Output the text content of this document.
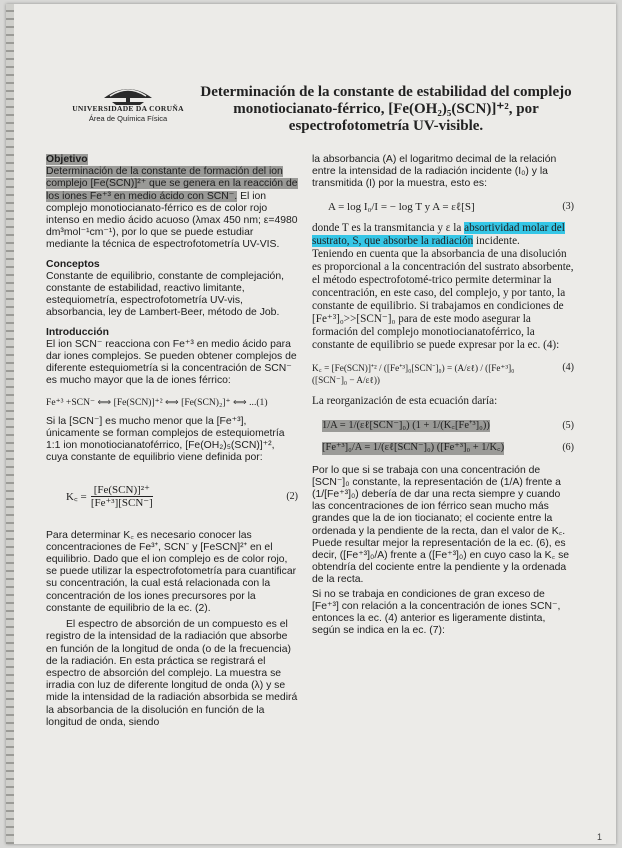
UNIVERSIDADE DA CORUÑA
Área de Química Física
Determinación de la constante de estabilidad del complejo
monotiocianato-férrico, [Fe(OH₂)₅(SCN)]⁺², por
espectrofotometría UV-visible.
Objetivo

Determinación de la constante de formación del ion complejo [Fe(SCN)]²⁺ que se genera en la reacción de los iones Fe⁺³ en medio ácido con SCN⁻. El ion complejo monotiocianato-férrico es de color rojo intenso en medio ácido acuoso (λmax 450 nm; ε=4980 dm³mol⁻¹cm⁻¹), por lo que se puede estudiar mediante la técnica de espectrofotometría UV-VIS.

Conceptos

Constante de equilibrio, constante de complejación, constante de estabilidad, reactivo limitante, estequiometría, espectrofotometría UV-vis, absorbancia, ley de Lambert-Beer, método de Job.

Introducción

El ion SCN⁻ reacciona con Fe⁺³ en medio ácido para dar iones complejos. Se pueden obtener complejos de diferente estequiometría si la concentración de SCN⁻ es mucho mayor que la de iones férrico:

Fe⁺³ +SCN⁻ ⟺ [Fe(SCN)]⁺² ⟺ [Fe(SCN)₂]⁺ ⟺ ...(1)

Si la [SCN⁻] es mucho menor que la [Fe⁺³], únicamente se forman complejos de estequiometría 1:1 ion monotiocianatoférrico, [Fe(OH₂)₅(SCN)]⁺², cuya constante de equilibrio viene definida por:

K꜀ = $\frac{\text{[Fe(SCN)]²⁺}}{\text{[Fe⁺³][SCN⁻]}}$	(2)

Para determinar K꜀ es necesario conocer las concentraciones de Fe³⁺, SCN⁻ y [FeSCN]²⁺ en el equilibrio. Dado que el ion complejo es de color rojo, se puede utilizar la espectrofotometría para cuantificar su concentración, la cual está relacionada con la concentración de los iones precursores por la constante de equilibrio de la ec. (2).

El espectro de absorción de un compuesto es el registro de la intensidad de la radiación que absorbe en función de la longitud de onda (o de la frecuencia) de la radiación. En esta práctica se registrará el espectro de absorción del complejo. La muestra se irradia con luz de diferente longitud de onda (λ) y se mide la intensidad de la radiación absorbida se medirá la absorbancia de la disolución en función de la longitud de onda, siendo

la absorbancia (A) el logaritmo decimal de la relación entre la intensidad de la radiación incidente (I₀) y la transmitida (I) por la muestra, esto es:

A = log I₀/I = − log T y A = εℓ[S]	(3)

donde T es la transmitancia y ε la absortividad molar del sustrato, S, que absorbe la radiación incidente.

Teniendo en cuenta que la absorbancia de una disolución es proporcional a la concentración del sustrato absorbente, el método espectrofotomé-trico permite determinar la concentración, en este caso, del complejo, y por tanto, la constante de equilibrio. Si trabajamos en condiciones de [Fe⁺³]₀>>[SCN⁻]₀ para de este modo asegurar la formación del complejo monotiocianatoférrico, la constante de equilibrio se puede expresar por la ec. (4):

K꜀ = [Fe(SCN)]⁺² / ([Fe⁺³]₀[SCN⁻]₀) = (A/εℓ) / ([Fe⁺³]₀ ([SCN⁻]₀ − A/εℓ))
(4)

La reorganización de esta ecuación daría:

1/A = 1/(εℓ[SCN⁻]₀) (1 + 1/(K꜀[Fe⁺³]₀))	(5)
[Fe⁺³]₀/A = 1/(εℓ[SCN⁻]₀) ([Fe⁺³]₀ + 1/K꜀)	(6)

Por lo que si se trabaja con una concentración de [SCN⁻]₀ constante, la representación de (1/A) frente a (1/[Fe⁺³]₀) debería de dar una recta siempre y cuando las concentraciones de ion férrico sean mucho más grandes que la de ion tiocianato; el cociente entre la ordenada y la pendiente de la recta, dan el valor de K꜀. Puede resultar mejor la representación de la ec. (6), es decir, ([Fe⁺³]₀/A) frente a ([Fe⁺³]₀) en cuyo caso la K꜀ se obtendría del cociente entre la pendiente y la ordenada de la recta.

Si no se trabaja en condiciones de gran exceso de [Fe⁺³] con relación a la concentración de iones SCN⁻, entonces la ec. (4) anterior es ligeramente distinta, según se indica en la ec. (7):

1
